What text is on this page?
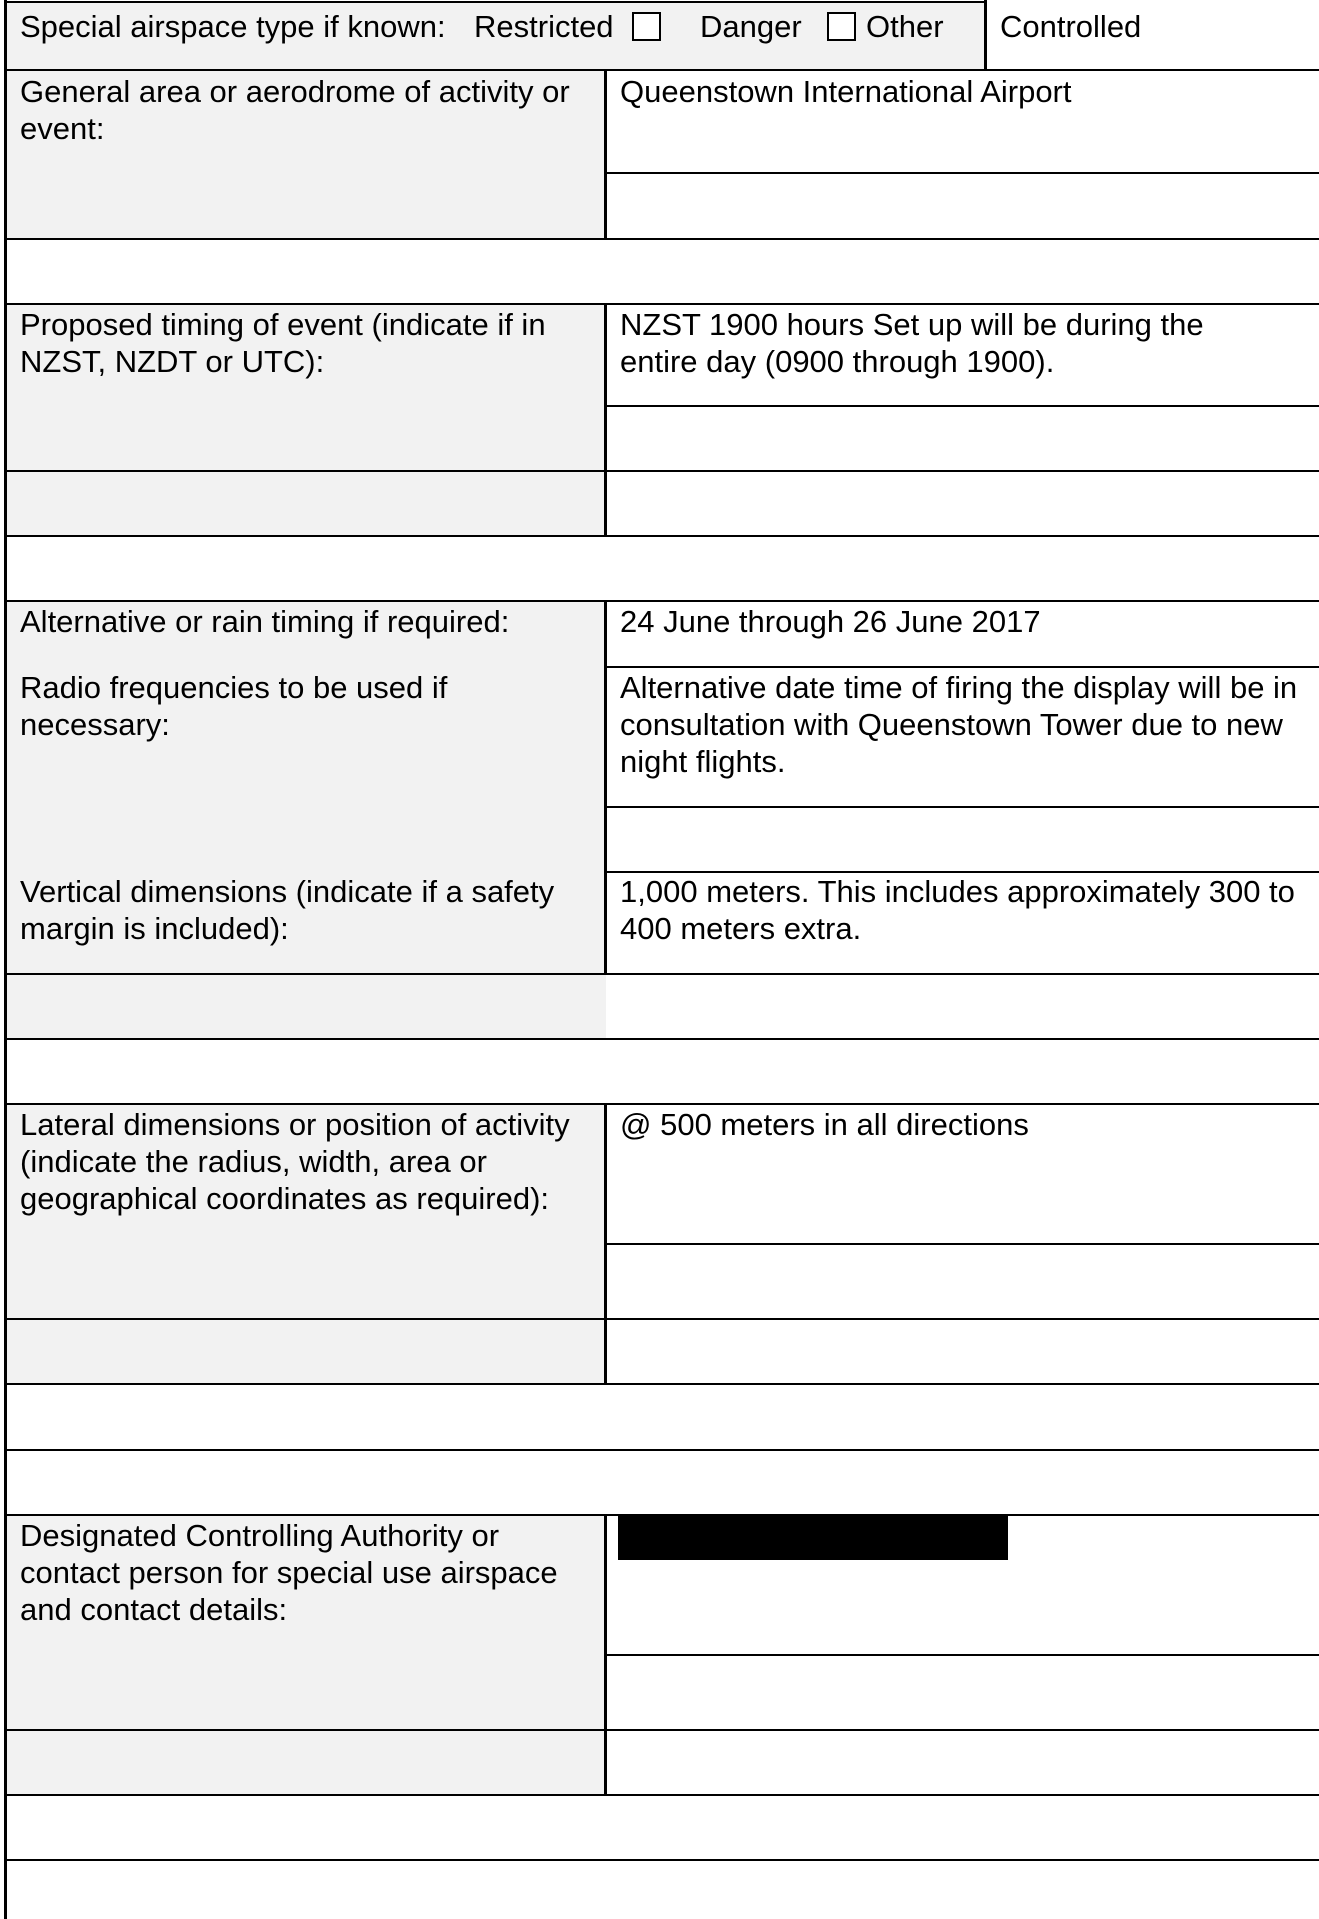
Special airspace type if known: Restricted	Danger Other Controlled
General area or aerodrome of activity or event:
Queenstown International Airport
Proposed timing of event (indicate if in NZST, NZDT or UTC):
NZST 1900 hours Set up will be during the entire day (0900 through 1900).
Alternative or rain timing if required:	24 June through 26 June 2017
Radio frequencies to be used if necessary:
Alternative date time of firing the display will be in consultation with Queenstown Tower due to new night flights.
Vertical dimensions (indicate if a safety margin is included):
1,000 meters. This includes approximately 300 to 400 meters extra.
Lateral dimensions or position of activity (indicate the radius, width, area or geographical coordinates as required):
@ 500 meters in all directions
Designated Controlling Authority or contact person for special use airspace and contact details:
